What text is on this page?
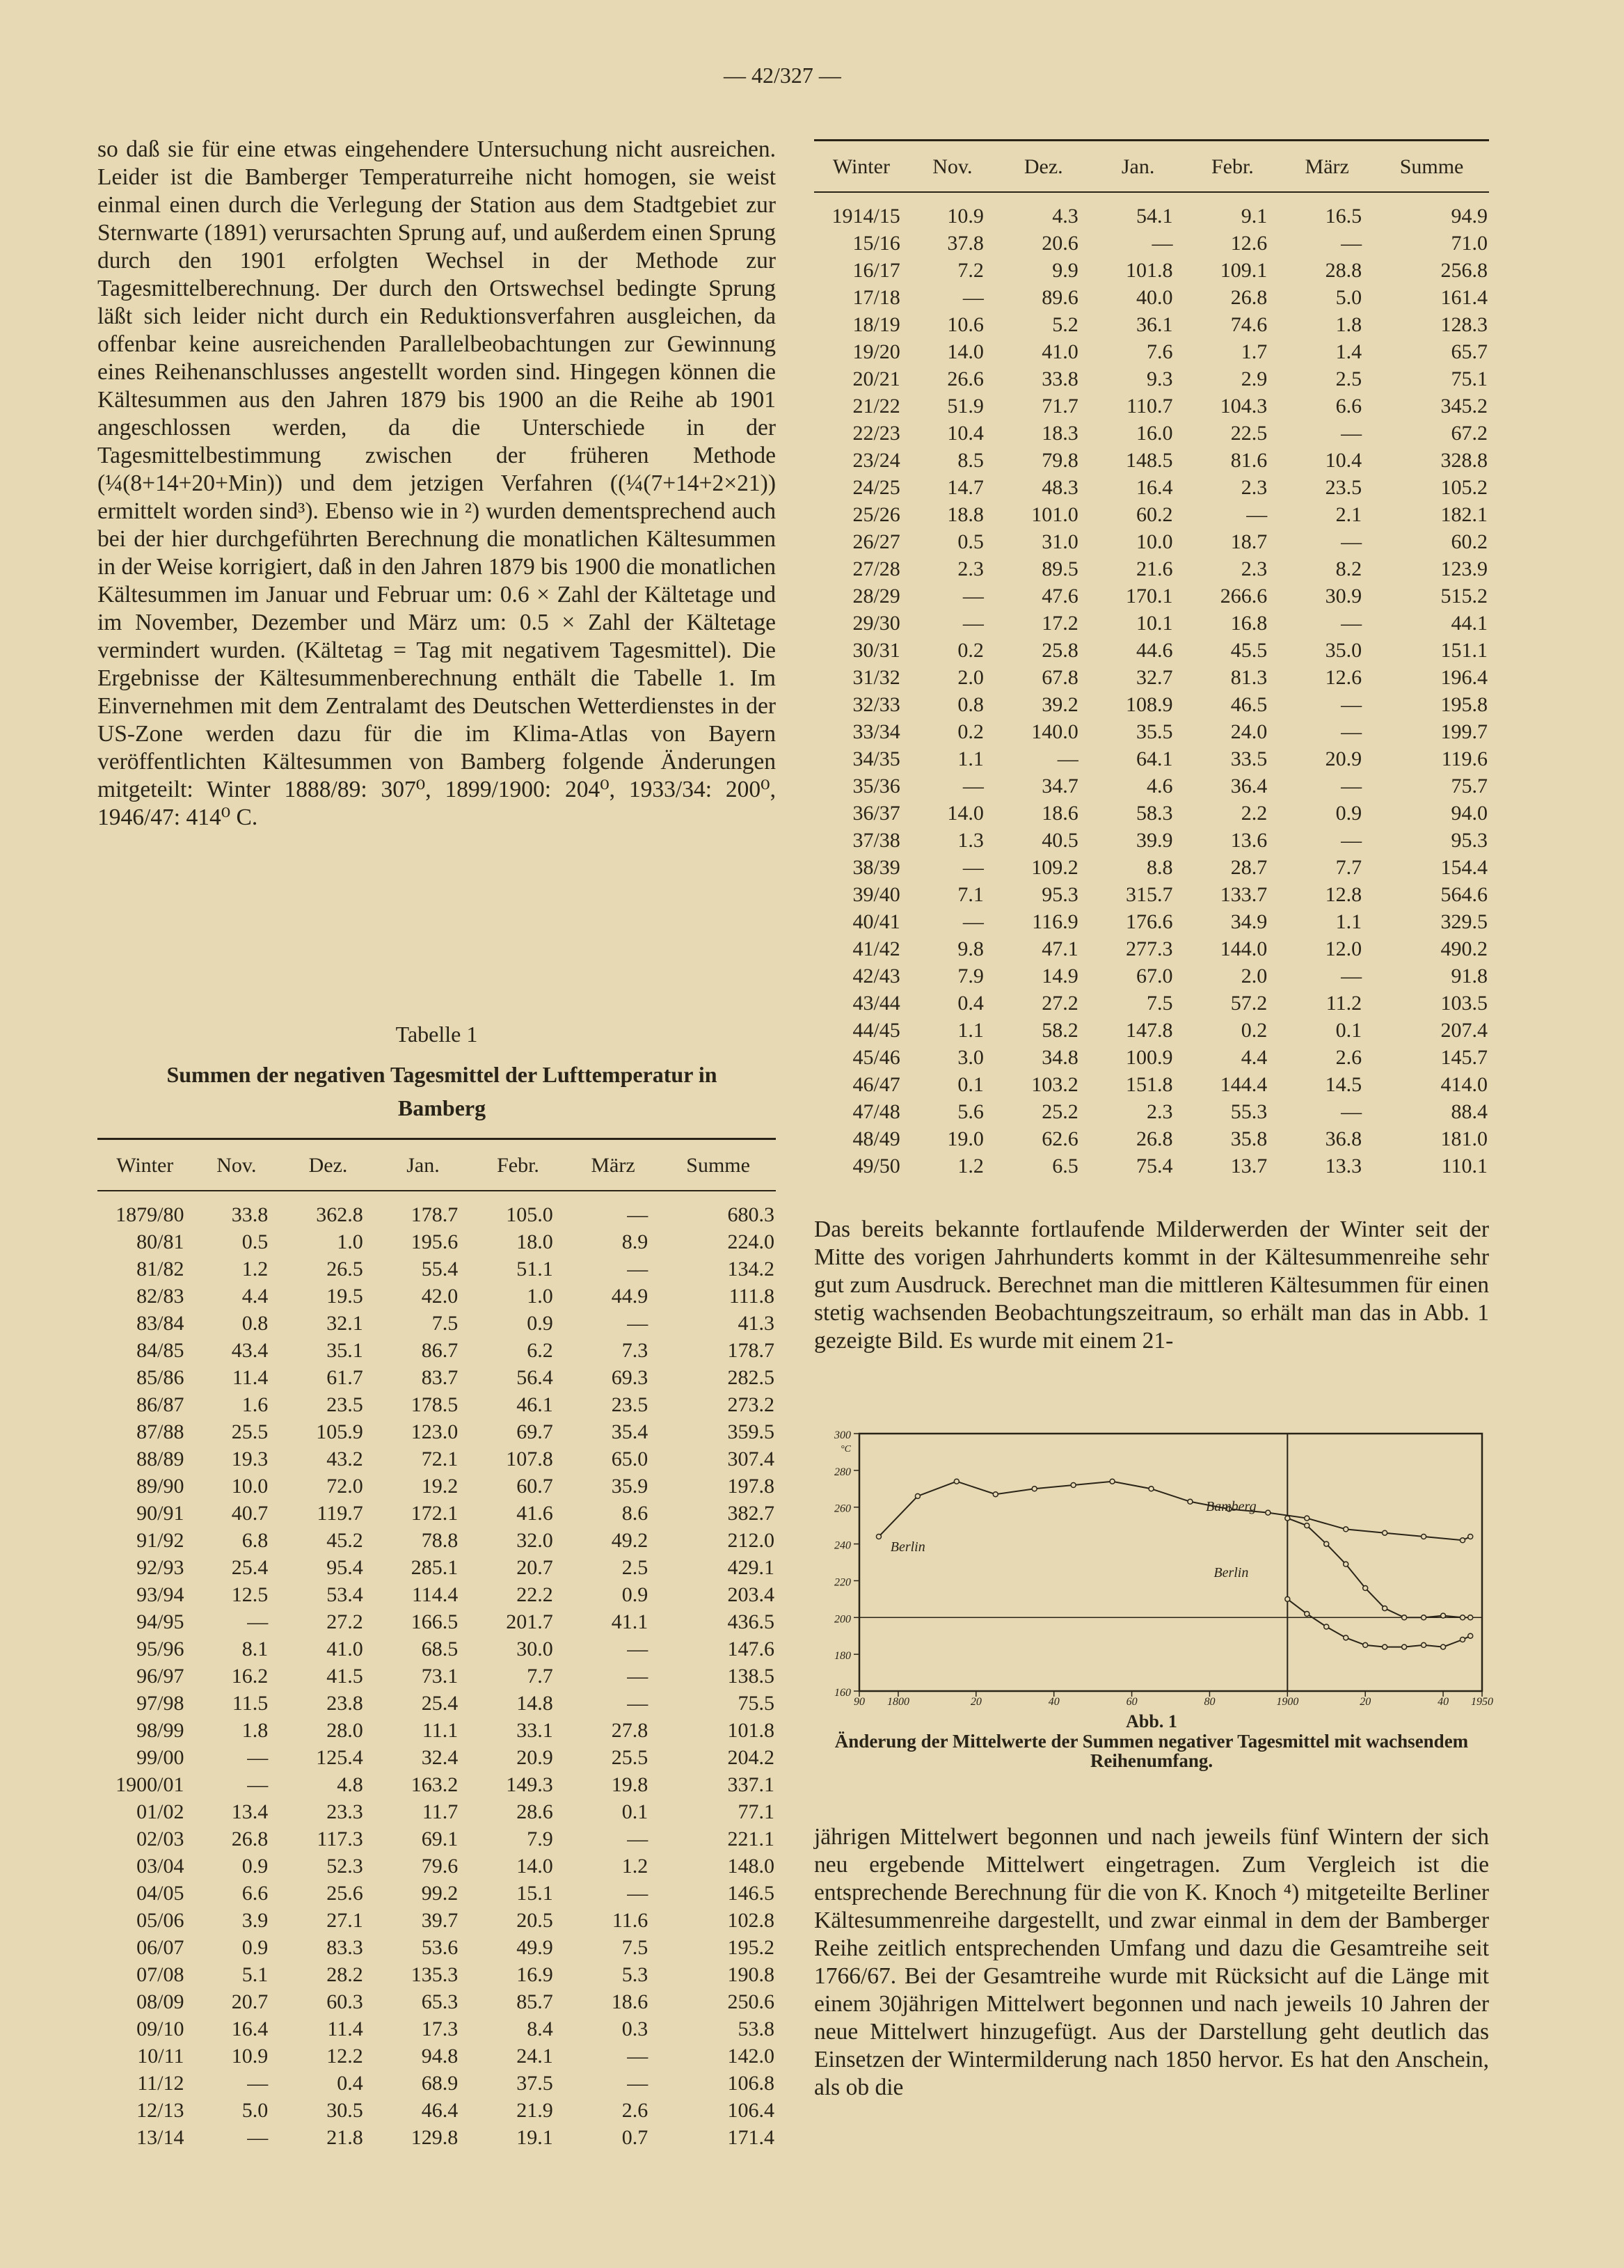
— 42/327 —

so daß sie für eine etwas eingehendere Untersuchung nicht ausreichen. Leider ist die Bamberger Temperaturreihe nicht homogen, sie weist einmal einen durch die Verlegung der Station aus dem Stadtgebiet zur Sternwarte (1891) verursachten Sprung auf, und außerdem einen Sprung durch den 1901 erfolgten Wechsel in der Methode zur Tagesmittelberechnung. Der durch den Ortswechsel bedingte Sprung läßt sich leider nicht durch ein Reduktionsverfahren ausgleichen, da offenbar keine ausreichenden Parallelbeobachtungen zur Gewinnung eines Reihenanschlusses angestellt worden sind. Hingegen können die Kältesummen aus den Jahren 1879 bis 1900 an die Reihe ab 1901 angeschlossen werden, da die Unterschiede in der Tagesmittelbestimmung zwischen der früheren Methode (¼(8+14+20+Min)) und dem jetzigen Verfahren ((¼(7+14+2×21)) ermittelt worden sind³). Ebenso wie in ²) wurden dementsprechend auch bei der hier durchgeführten Berechnung die monatlichen Kältesummen in der Weise korrigiert, daß in den Jahren 1879 bis 1900 die monatlichen Kältesummen im Januar und Februar um: 0.6 × Zahl der Kältetage und im November, Dezember und März um: 0.5 × Zahl der Kältetage vermindert wurden. (Kältetag = Tag mit negativem Tagesmittel). Die Ergebnisse der Kältesummenberechnung enthält die Tabelle 1. Im Einvernehmen mit dem Zentralamt des Deutschen Wetterdienstes in der US-Zone werden dazu für die im Klima-Atlas von Bayern veröffentlichten Kältesummen von Bamberg folgende Änderungen mitgeteilt: Winter 1888/89: 307⁰, 1899/1900: 204⁰, 1933/34: 200⁰, 1946/47: 414⁰ C.

Tabelle 1
Summen der negativen Tagesmittel der Lufttemperatur in Bamberg
Winter	Nov.	Dez.	Jan.	Febr.	März	Summe
1879/80	33.8	362.8	178.7	105.0	—	680.3
80/81	0.5	1.0	195.6	18.0	8.9	224.0
81/82	1.2	26.5	55.4	51.1	—	134.2
82/83	4.4	19.5	42.0	1.0	44.9	111.8
83/84	0.8	32.1	7.5	0.9	—	41.3
84/85	43.4	35.1	86.7	6.2	7.3	178.7
85/86	11.4	61.7	83.7	56.4	69.3	282.5
86/87	1.6	23.5	178.5	46.1	23.5	273.2
87/88	25.5	105.9	123.0	69.7	35.4	359.5
88/89	19.3	43.2	72.1	107.8	65.0	307.4
89/90	10.0	72.0	19.2	60.7	35.9	197.8
90/91	40.7	119.7	172.1	41.6	8.6	382.7
91/92	6.8	45.2	78.8	32.0	49.2	212.0
92/93	25.4	95.4	285.1	20.7	2.5	429.1
93/94	12.5	53.4	114.4	22.2	0.9	203.4
94/95	—	27.2	166.5	201.7	41.1	436.5
95/96	8.1	41.0	68.5	30.0	—	147.6
96/97	16.2	41.5	73.1	7.7	—	138.5
97/98	11.5	23.8	25.4	14.8	—	75.5
98/99	1.8	28.0	11.1	33.1	27.8	101.8
99/00	—	125.4	32.4	20.9	25.5	204.2
1900/01	—	4.8	163.2	149.3	19.8	337.1
01/02	13.4	23.3	11.7	28.6	0.1	77.1
02/03	26.8	117.3	69.1	7.9	—	221.1
03/04	0.9	52.3	79.6	14.0	1.2	148.0
04/05	6.6	25.6	99.2	15.1	—	146.5
05/06	3.9	27.1	39.7	20.5	11.6	102.8
06/07	0.9	83.3	53.6	49.9	7.5	195.2
07/08	5.1	28.2	135.3	16.9	5.3	190.8
08/09	20.7	60.3	65.3	85.7	18.6	250.6
09/10	16.4	11.4	17.3	8.4	0.3	53.8
10/11	10.9	12.2	94.8	24.1	—	142.0
11/12	—	0.4	68.9	37.5	—	106.8
12/13	5.0	30.5	46.4	21.9	2.6	106.4
13/14	—	21.8	129.8	19.1	0.7	171.4
Winter	Nov.	Dez.	Jan.	Febr.	März	Summe
1914/15	10.9	4.3	54.1	9.1	16.5	94.9
15/16	37.8	20.6	—	12.6	—	71.0
16/17	7.2	9.9	101.8	109.1	28.8	256.8
17/18	—	89.6	40.0	26.8	5.0	161.4
18/19	10.6	5.2	36.1	74.6	1.8	128.3
19/20	14.0	41.0	7.6	1.7	1.4	65.7
20/21	26.6	33.8	9.3	2.9	2.5	75.1
21/22	51.9	71.7	110.7	104.3	6.6	345.2
22/23	10.4	18.3	16.0	22.5	—	67.2
23/24	8.5	79.8	148.5	81.6	10.4	328.8
24/25	14.7	48.3	16.4	2.3	23.5	105.2
25/26	18.8	101.0	60.2	—	2.1	182.1
26/27	0.5	31.0	10.0	18.7	—	60.2
27/28	2.3	89.5	21.6	2.3	8.2	123.9
28/29	—	47.6	170.1	266.6	30.9	515.2
29/30	—	17.2	10.1	16.8	—	44.1
30/31	0.2	25.8	44.6	45.5	35.0	151.1
31/32	2.0	67.8	32.7	81.3	12.6	196.4
32/33	0.8	39.2	108.9	46.5	—	195.8
33/34	0.2	140.0	35.5	24.0	—	199.7
34/35	1.1	—	64.1	33.5	20.9	119.6
35/36	—	34.7	4.6	36.4	—	75.7
36/37	14.0	18.6	58.3	2.2	0.9	94.0
37/38	1.3	40.5	39.9	13.6	—	95.3
38/39	—	109.2	8.8	28.7	7.7	154.4
39/40	7.1	95.3	315.7	133.7	12.8	564.6
40/41	—	116.9	176.6	34.9	1.1	329.5
41/42	9.8	47.1	277.3	144.0	12.0	490.2
42/43	7.9	14.9	67.0	2.0	—	91.8
43/44	0.4	27.2	7.5	57.2	11.2	103.5
44/45	1.1	58.2	147.8	0.2	0.1	207.4
45/46	3.0	34.8	100.9	4.4	2.6	145.7
46/47	0.1	103.2	151.8	144.4	14.5	414.0
47/48	5.6	25.2	2.3	55.3	—	88.4
48/49	19.0	62.6	26.8	35.8	36.8	181.0
49/50	1.2	6.5	75.4	13.7	13.3	110.1
Das bereits bekannte fortlaufende Milderwerden der Winter seit der Mitte des vorigen Jahrhunderts kommt in der Kältesummenreihe sehr gut zum Ausdruck. Berechnet man die mittleren Kältesummen für einen stetig wachsenden Beobachtungszeitraum, so erhält man das in Abb. 1 gezeigte Bild. Es wurde mit einem 21-
300
280
260
240
220
200
180
160
°C
90 1800	20	40	60	80	1900	20	40 1950
Berlin
Bamberg
Berlin
Abb. 1
Änderung der Mittelwerte der Summen negativer Tagesmittel mit wachsendem Reihenumfang.
jährigen Mittelwert begonnen und nach jeweils fünf Wintern der sich neu ergebende Mittelwert eingetragen. Zum Vergleich ist die entsprechende Berechnung für die von K. Knoch ⁴) mitgeteilte Berliner Kältesummenreihe dargestellt, und zwar einmal in dem der Bamberger Reihe zeitlich entsprechenden Umfang und dazu die Gesamtreihe seit 1766/67. Bei der Gesamtreihe wurde mit Rücksicht auf die Länge mit einem 30jährigen Mittelwert begonnen und nach jeweils 10 Jahren der neue Mittelwert hinzugefügt. Aus der Darstellung geht deutlich das Einsetzen der Wintermilderung nach 1850 hervor. Es hat den Anschein, als ob die
